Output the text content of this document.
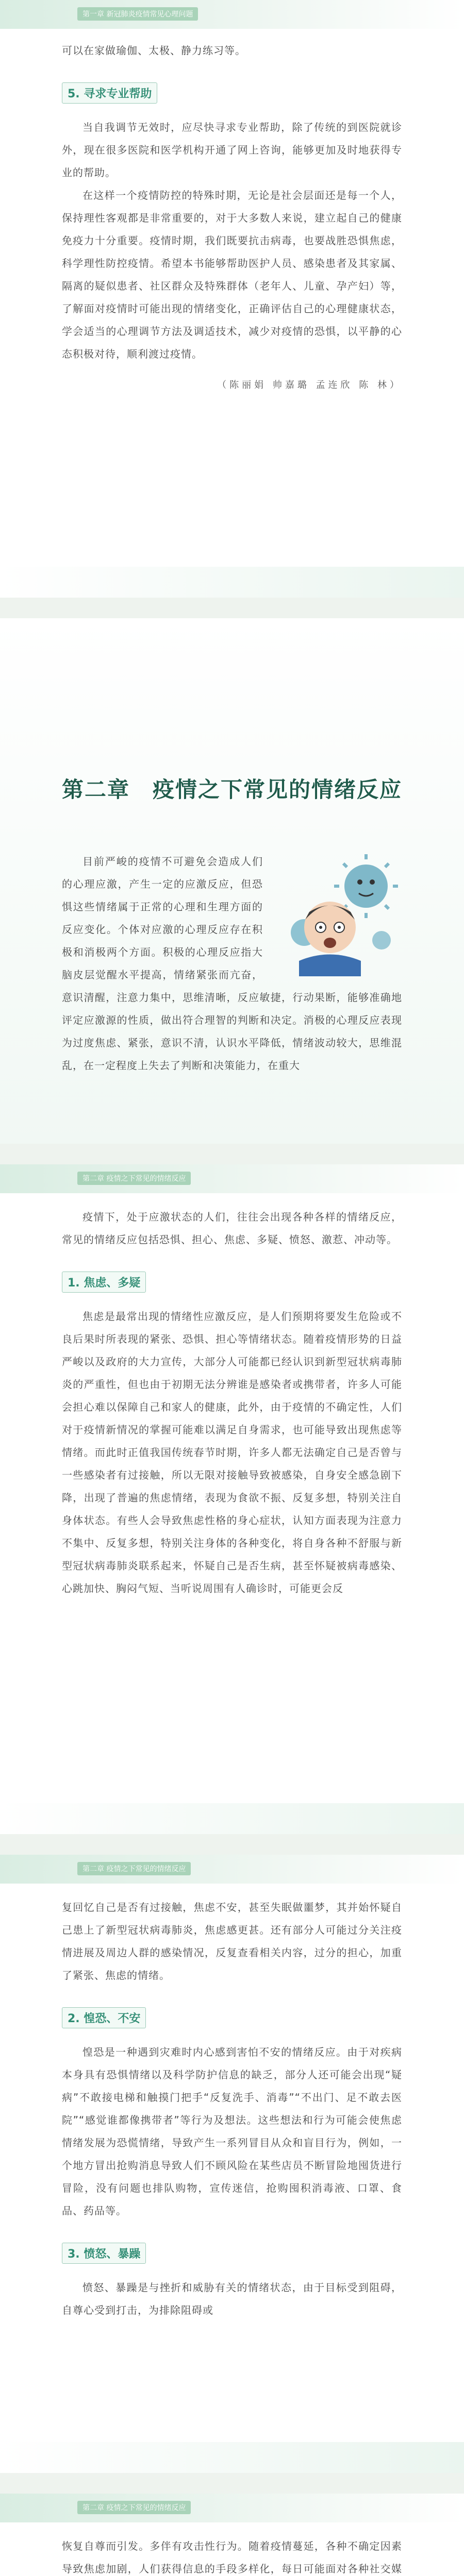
第一章 新冠肺炎疫情常见心理问题

可以在家做瑜伽、太极、静力练习等。

5. 寻求专业帮助

当自我调节无效时，应尽快寻求专业帮助，除了传统的到医院就诊外，现在很多医院和医学机构开通了网上咨询，能够更加及时地获得专业的帮助。

在这样一个疫情防控的特殊时期，无论是社会层面还是每一个人，保持理性客观都是非常重要的，对于大多数人来说，建立起自己的健康免疫力十分重要。疫情时期，我们既要抗击病毒，也要战胜恐惧焦虑，科学理性防控疫情。希望本书能够帮助医护人员、感染患者及其家属、隔离的疑似患者、社区群众及特殊群体（老年人、儿童、孕产妇）等，了解面对疫情时可能出现的情绪变化，正确评估自己的心理健康状态，学会适当的心理调节方法及调适技术，减少对疫情的恐惧，以平静的心态积极对待，顺利渡过疫情。

（陈丽娟 帅嘉璐 孟连欣 陈 林）
第二章　疫情之下常见的情绪反应

目前严峻的疫情不可避免会造成人们的心理应激，产生一定的应激反应，但恐惧这些情绪属于正常的心理和生理方面的反应变化。个体对应激的心理反应存在积极和消极两个方面。积极的心理反应指大脑皮层觉醒水平提高，情绪紧张而亢奋，意识清醒，注意力集中，思维清晰，反应敏捷，行动果断，能够准确地评定应激源的性质，做出符合理智的判断和决定。消极的心理反应表现为过度焦虑、紧张，意识不清，认识水平降低，情绪波动较大，思维混乱，在一定程度上失去了判断和决策能力，在重大

第二章 疫情之下常见的情绪反应

疫情下，处于应激状态的人们，往往会出现各种各样的情绪反应，常见的情绪反应包括恐惧、担心、焦虑、多疑、愤怒、激惹、冲动等。

1. 焦虑、多疑

焦虑是最常出现的情绪性应激反应，是人们预期将要发生危险或不良后果时所表现的紧张、恐惧、担心等情绪状态。随着疫情形势的日益严峻以及政府的大力宣传，大部分人可能都已经认识到新型冠状病毒肺炎的严重性，但也由于初期无法分辨谁是感染者或携带者，许多人可能会担心难以保障自己和家人的健康，此外，由于疫情的不确定性，人们对于疫情新情况的掌握可能难以满足自身需求，也可能导致出现焦虑等情绪。而此时正值我国传统春节时期，许多人都无法确定自己是否曾与一些感染者有过接触，所以无限对接触导致被感染，自身安全感急剧下降，出现了普遍的焦虑情绪，表现为食欲不振、反复多想，特别关注自身体状态。有些人会导致焦虑性格的身心症状，认知方面表现为注意力不集中、反复多想，特别关注身体的各种变化，将自身各种不舒服与新型冠状病毒肺炎联系起来，怀疑自己是否生病，甚至怀疑被病毒感染、心跳加快、胸闷气短、当听说周围有人确诊时，可能更会反

第二章 疫情之下常见的情绪反应

复回忆自己是否有过接触，焦虑不安，甚至失眠做噩梦，其并始怀疑自己患上了新型冠状病毒肺炎，焦虑感更甚。还有部分人可能过分关注疫情进展及周边人群的感染情况，反复查看相关内容，过分的担心，加重了紧张、焦虑的情绪。

2. 惶恐、不安

惶恐是一种遇到灾难时内心感到害怕不安的情绪反应。由于对疾病本身具有恐惧情绪以及科学防护信息的缺乏，部分人还可能会出现“疑病”不敢接电梯和触摸门把手“反复洗手、消毒”“不出门、足不敢去医院”“感觉谁都像携带者”等行为及想法。这些想法和行为可能会使焦虑情绪发展为恐慌情绪，导致产生一系列冒目从众和盲目行为，例如，一个地方冒出抢购消息导致人们不顾风险在某些店员不断冒险地囤货进行冒险，没有问题也排队购物，宣传迷信，抢购囤积消毒液、口罩、食品、药品等。

3. 愤怒、暴躁

愤怒、暴躁是与挫折和威胁有关的情绪状态，由于目标受到阻碍，自尊心受到打击，为排除阻碍或

第二章 疫情之下常见的情绪反应

恢复自尊而引发。多伴有攻击性行为。随着疫情蔓延，各种不确定因素导致焦虑加剧，人们获得信息的手段多样化，每日可能面对各种社交媒
